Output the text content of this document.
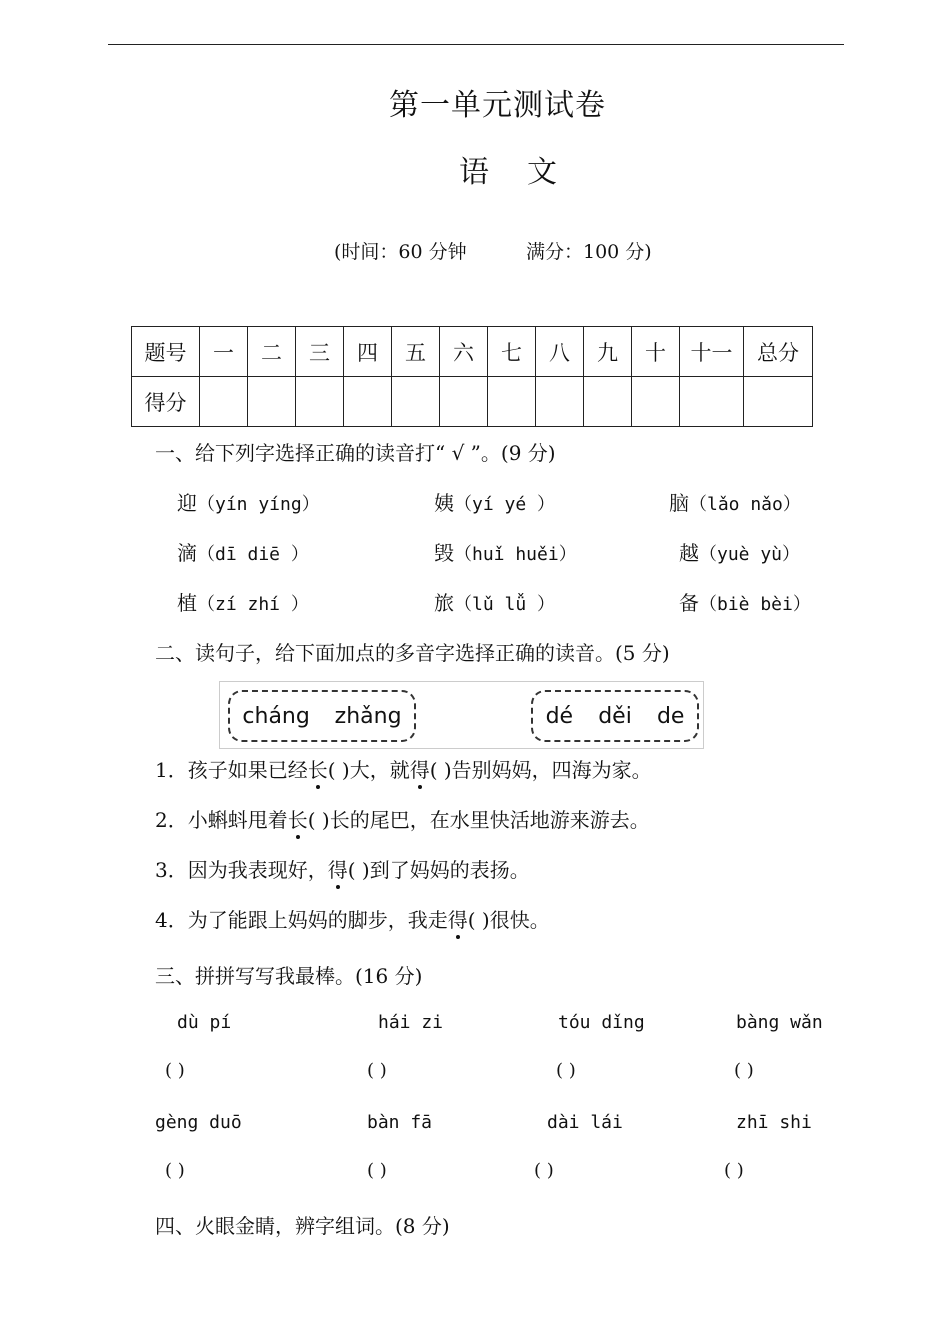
第一单元测试卷
语文
(时间：60 分钟	满分：100 分)
题号	一	二	三	四	五	六	七	八	九	十	十一	总分
得分												
一、给下列字选择正确的读音打“ √ ”。(9 分)
迎（yín yíng）	姨（yí yé ）	脑（lǎo nǎo）
滴（dī diē ）	毁（huǐ huěi）	越（yuè yù）
植（zí zhí ）	旅（lǔ lǚ ）	备（biè bèi）
二、读句子，给下面加点的多音字选择正确的读音。(5 分)
cháng zhǎng	dé děi de
1．孩子如果已经长( )大，就得( )告别妈妈，四海为家。
2．小蝌蚪甩着长( )长的尾巴，在水里快活地游来游去。
3．因为我表现好，得( )到了妈妈的表扬。
4．为了能跟上妈妈的脚步，我走得( )很快。
三、拼拼写写我最棒。(16 分)
dù pí	hái zi	tóu dǐng	bàng wǎn
( )	( )	( )	( )
gèng duō	bàn fā	dài lái	zhī shi
( )	( )	( )	( )
四、火眼金睛，辨字组词。(8 分)
